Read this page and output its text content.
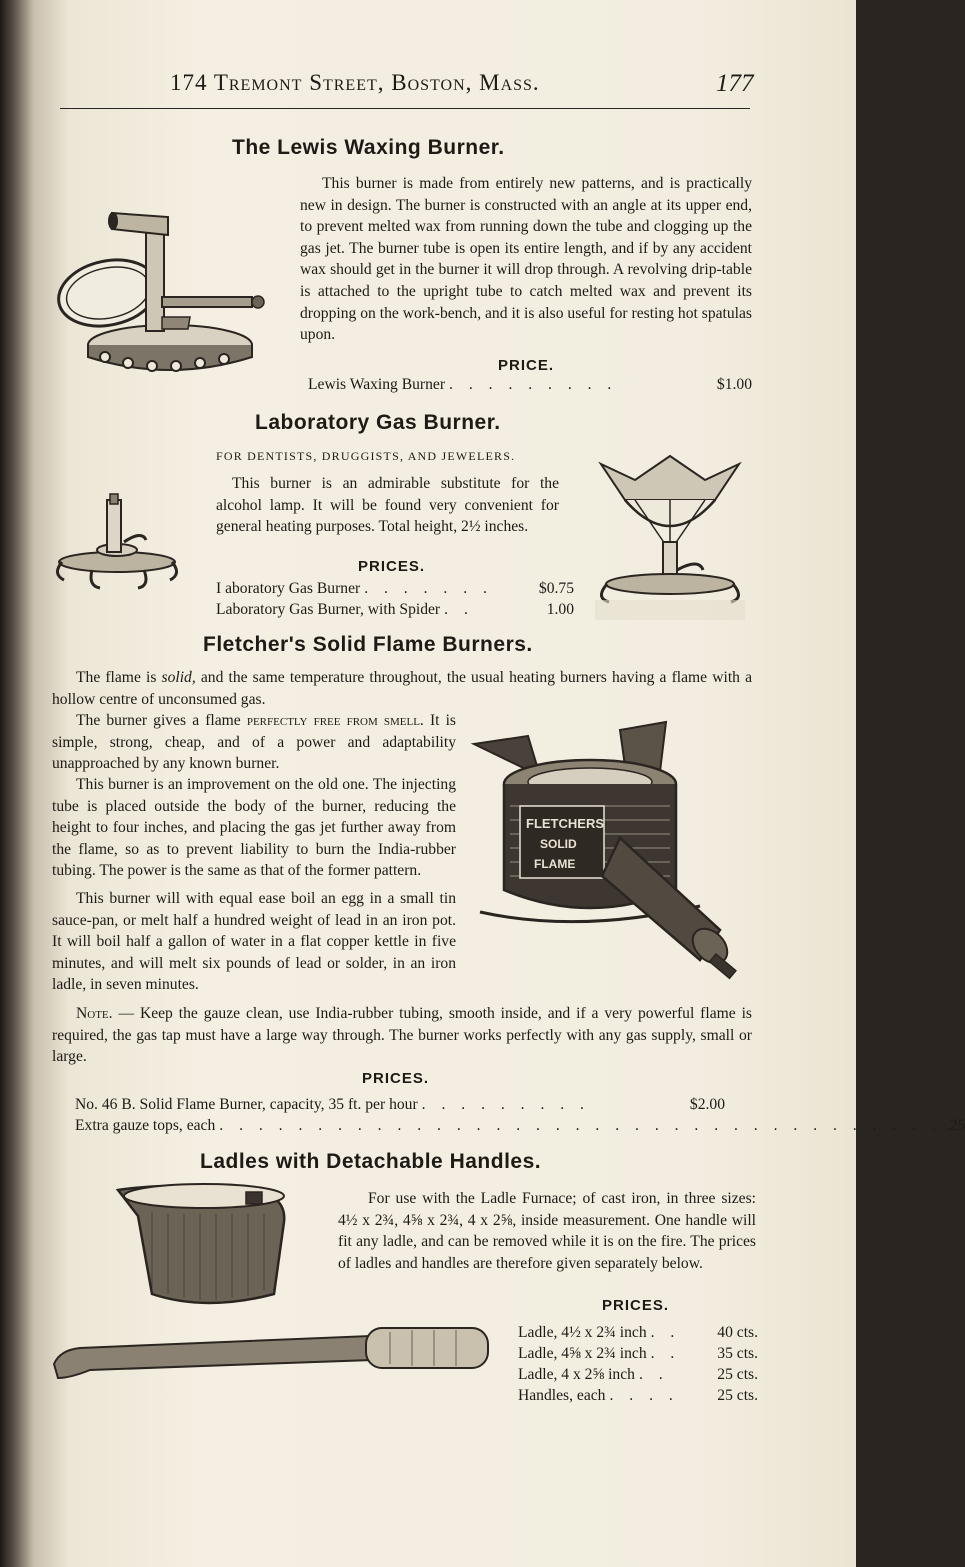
174 Tremont Street, Boston, Mass.	177
The Lewis Waxing Burner.
This burner is made from entirely new patterns, and is practically new in design. The burner is constructed with an angle at its upper end, to prevent melted wax from running down the tube and clogging up the gas jet. The burner tube is open its entire length, and if by any accident wax should get in the burner it will drop through. A revolving drip-table is attached to the upright tube to catch melted wax and prevent its dropping on the work-bench, and it is also useful for resting hot spatulas upon.
PRICE.
Lewis Waxing Burner . . . . . . . . .	$1.00
Laboratory Gas Burner.
FOR DENTISTS, DRUGGISTS, AND JEWELERS.
This burner is an admirable substitute for the alcohol lamp. It will be found very convenient for general heating purposes. Total height, 2½ inches.
PRICES.
I aboratory Gas Burner . . . . . . .	$0.75
Laboratory Gas Burner, with Spider . .	1.00
Fletcher's Solid Flame Burners.
The flame is solid, and the same temperature throughout, the usual heating burners having a flame with a hollow centre of unconsumed gas.
The burner gives a flame perfectly free from smell. It is simple, strong, cheap, and of a power and adaptability unapproached by any known burner.
This burner is an improvement on the old one. The injecting tube is placed outside the body of the burner, reducing the height to four inches, and placing the gas jet further away from the flame, so as to prevent liability to burn the India-rubber tubing. The power is the same as that of the former pattern.
This burner will with equal ease boil an egg in a small tin sauce-pan, or melt half a hundred weight of lead in an iron pot. It will boil half a gallon of water in a flat copper kettle in five minutes, and will melt six pounds of lead or solder, in an iron ladle, in seven minutes.
FLETCHERS
SOLID
FLAME
Note. — Keep the gauze clean, use India-rubber tubing, smooth inside, and if a very powerful flame is required, the gas tap must have a large way through. The burner works perfectly with any gas supply, small or large.
PRICES.
No. 46 B. Solid Flame Burner, capacity, 35 ft. per hour . . . . . . . . .	$2.00
Extra gauze tops, each . . . . . . . . . . . . . . . . . . . . . . . . . . . . . . . . . . . . . .25
Ladles with Detachable Handles.
For use with the Ladle Furnace; of cast iron, in three sizes: 4½ x 2¾, 4⅝ x 2¾, 4 x 2⅝, inside measurement. One handle will fit any ladle, and can be removed while it is on the fire. The prices of ladles and handles are therefore given separately below.
PRICES.
Ladle, 4½ x 2¾ inch . .	40 cts.
Ladle, 4⅝ x 2¾ inch . .	35 cts.
Ladle, 4 x 2⅝ inch . .	25 cts.
Handles, each . . . .	25 cts.
